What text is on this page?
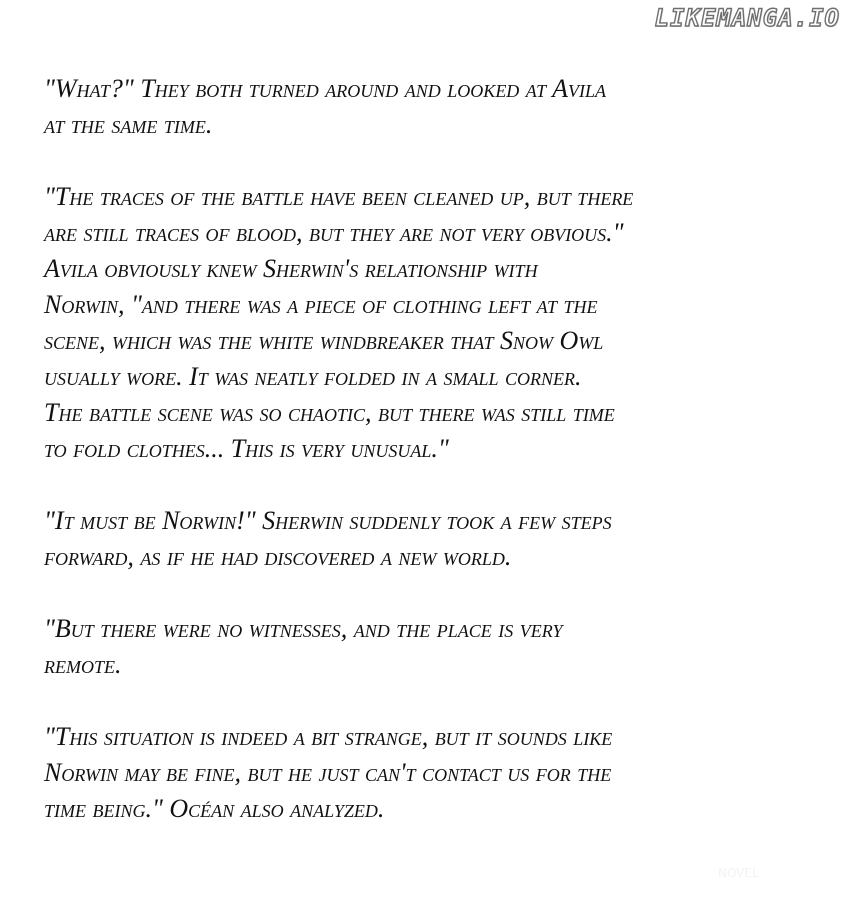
LIKEMANGA.IO

"What?" They both turned around and looked at Avila
at the same time.

"The traces of the battle have been cleaned up, but there
are still traces of blood, but they are not very obvious."
Avila obviously knew Sherwin's relationship with
Norwin, "and there was a piece of clothing left at the
scene, which was the white windbreaker that Snow Owl
usually wore. It was neatly folded in a small corner.
The battle scene was so chaotic, but there was still time
to fold clothes... This is very unusual."

"It must be Norwin!" Sherwin suddenly took a few steps
forward, as if he had discovered a new world.

"But there were no witnesses, and the place is very
remote.

"This situation is indeed a bit strange, but it sounds like
Norwin may be fine, but he just can't contact us for the
time being." Océan also analyzed.

NOVEL
